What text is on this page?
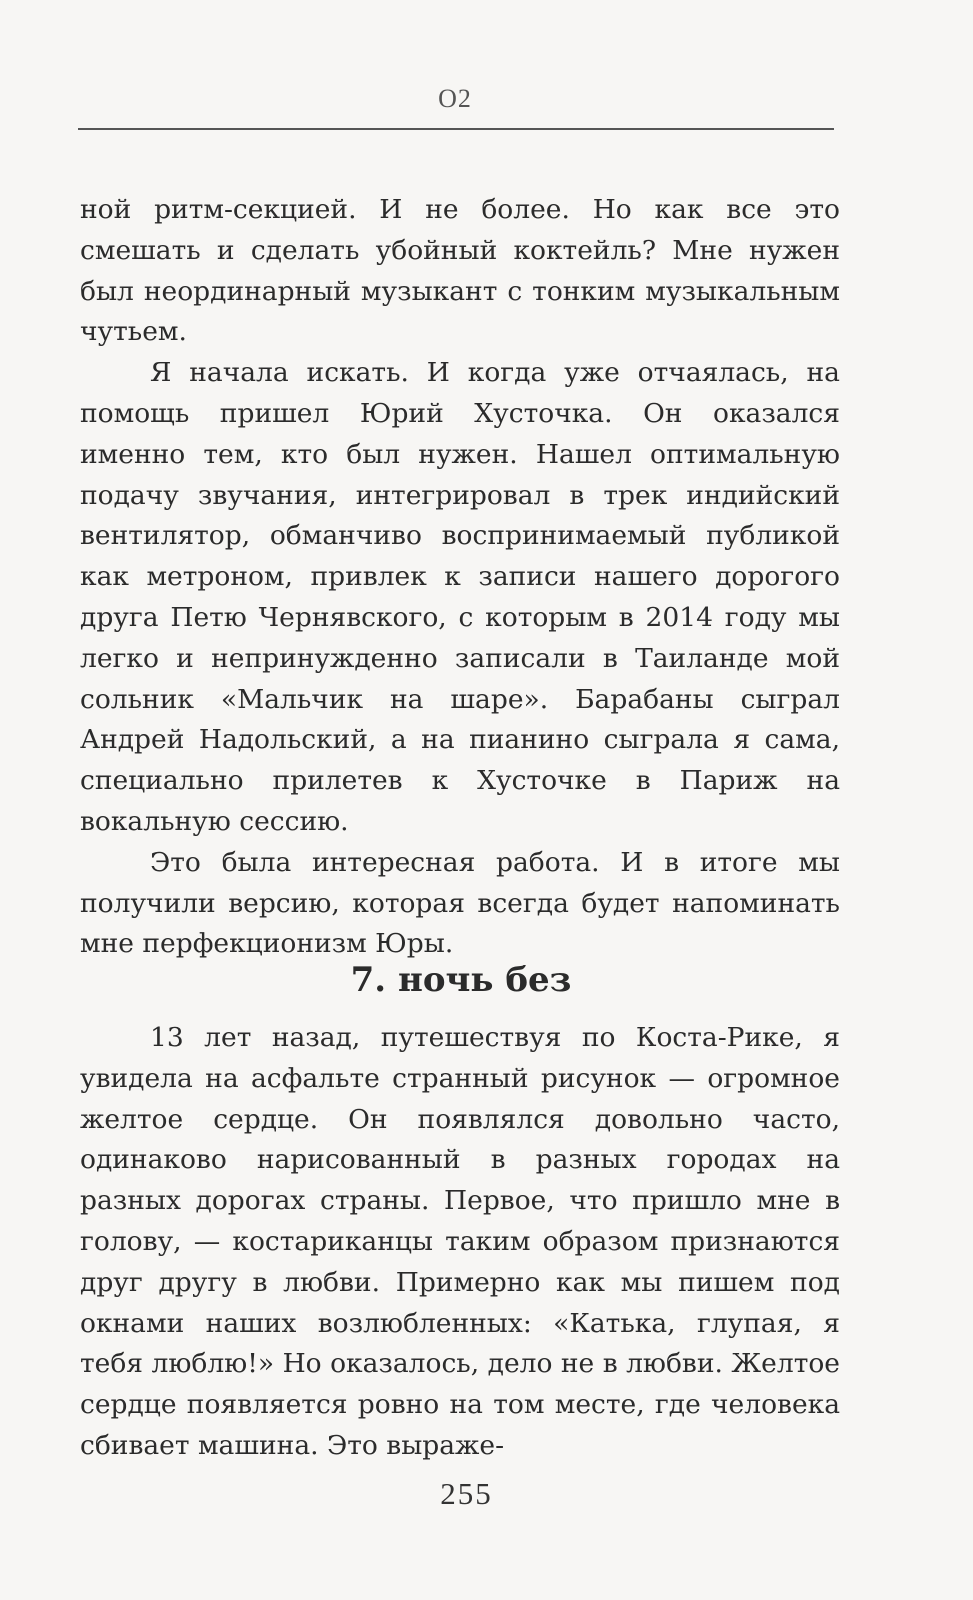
О2

ной ритм-секцией. И не более. Но как все это смешать и сделать убойный коктейль? Мне нужен был неординарный музыкант с тонким музыкальным чутьем.

Я начала искать. И когда уже отчаялась, на помощь пришел Юрий Хусточка. Он оказался именно тем, кто был нужен. Нашел оптимальную подачу звучания, интегрировал в трек индийский вентилятор, обманчиво воспринимаемый публикой как метроном, привлек к записи нашего дорогого друга Петю Чернявского, с которым в 2014 году мы легко и непринужденно записали в Таиланде мой сольник «Мальчик на шаре». Барабаны сыграл Андрей Надольский, а на пианино сыграла я сама, специально прилетев к Хусточке в Париж на вокальную сессию.

Это была интересная работа. И в итоге мы получили версию, которая всегда будет напоминать мне перфекционизм Юры.

7. ночь без

13 лет назад, путешествуя по Коста-Рике, я увидела на асфальте странный рисунок — огромное желтое сердце. Он появлялся довольно часто, одинаково нарисованный в разных городах на разных дорогах страны. Первое, что пришло мне в голову, — костариканцы таким образом признаются друг другу в любви. Примерно как мы пишем под окнами наших возлюбленных: «Катька, глупая, я тебя люблю!» Но оказалось, дело не в любви. Желтое сердце появляется ровно на том месте, где человека сбивает машина. Это выраже-

255
